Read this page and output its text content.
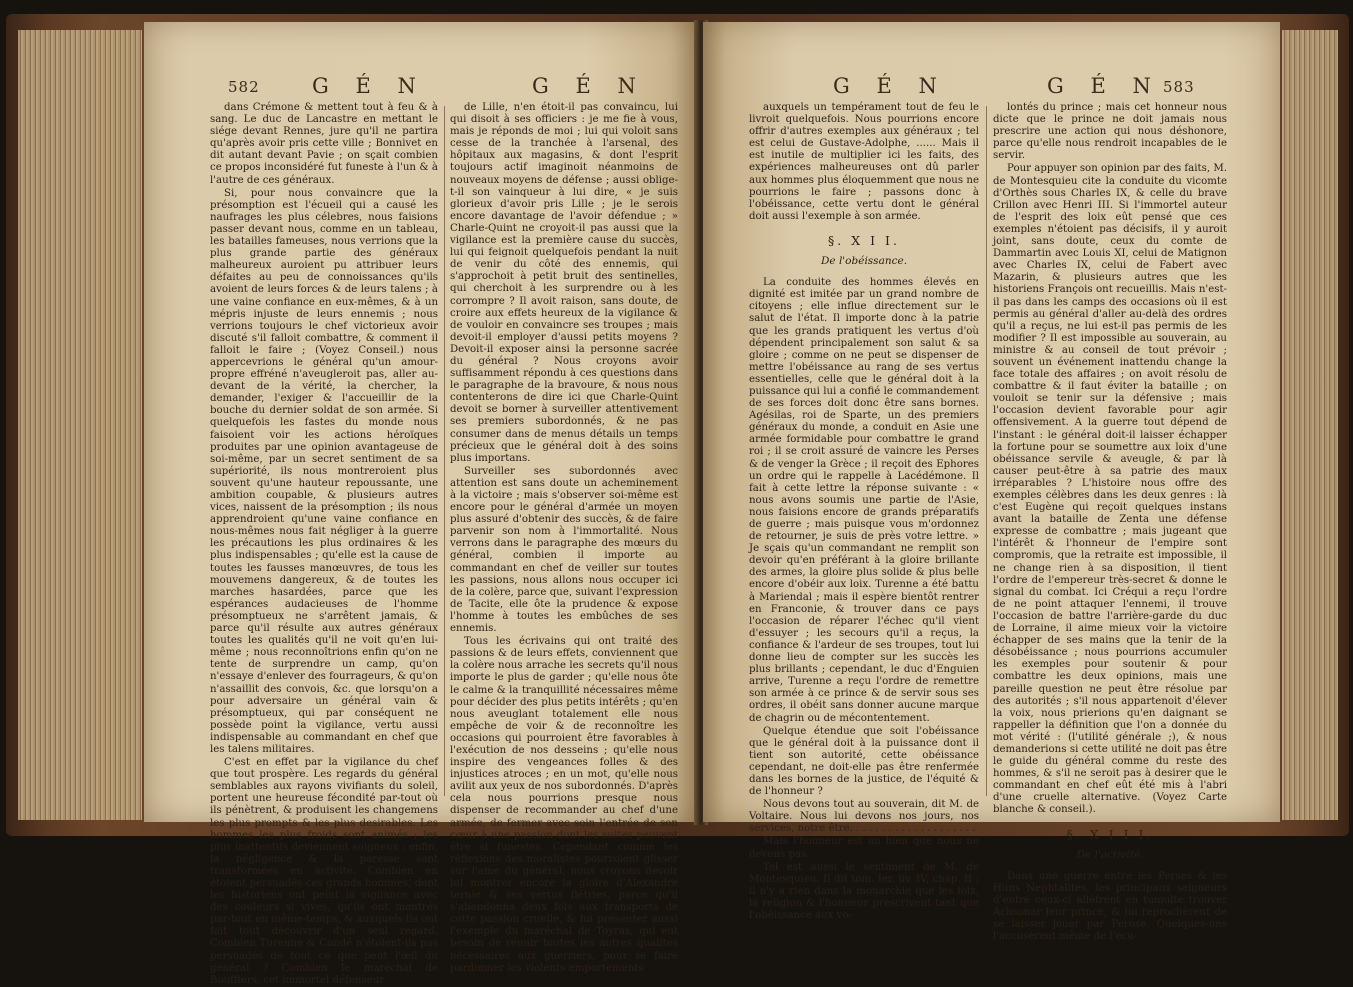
582 G É N	G É N

dans Crémone & mettent tout à feu & à sang. Le duc de Lancastre en mettant le siége devant Rennes, jure qu'il ne partira qu'après avoir pris cette ville ; Bonnivet en dit autant devant Pavie ; on sçait combien ce propos inconsidéré fut funeste à l'un & à l'autre de ces généraux.

Si, pour nous convaincre que la présomption est l'écueil qui a causé les naufrages les plus célebres, nous faisions passer devant nous, comme en un tableau, les batailles fameuses, nous verrions que la plus grande partie des généraux malheureux auroient pu attribuer leurs défaites au peu de connoissances qu'ils avoient de leurs forces & de leurs talens ; à une vaine confiance en eux-mêmes, & à un mépris injuste de leurs ennemis ; nous verrions toujours le chef victorieux avoir discuté s'il falloit combattre, & comment il falloit le faire ; (Voyez Conseil.) nous appercevrions le général qu'un amour-propre effréné n'aveugleroit pas, aller au-devant de la vérité, la chercher, la demander, l'exiger & l'accueillir de la bouche du dernier soldat de son armée. Si quelquefois les fastes du monde nous faisoient voir les actions héroïques produites par une opinion avantageuse de soi-même, par un secret sentiment de sa supériorité, ils nous montreroient plus souvent qu'une hauteur repoussante, une ambition coupable, & plusieurs autres vices, naissent de la présomption ; ils nous apprendroient qu'une vaine confiance en nous-mêmes nous fait négliger à la guerre les précautions les plus ordinaires & les plus indispensables ; qu'elle est la cause de toutes les fausses manœuvres, de tous les mouvemens dangereux, & de toutes les marches hasardées, parce que les espérances audacieuses de l'homme présomptueux ne s'arrêtent jamais, & parce qu'il résulte aux autres généraux toutes les qualités qu'il ne voit qu'en lui-même ; nous reconnoîtrions enfin qu'on ne tente de surprendre un camp, qu'on n'essaye d'enlever des fourrageurs, & qu'on n'assaillit des convois, &c. que lorsqu'on a pour adversaire un général vain & présomptueux, qui par conséquent ne possède point la vigilance, vertu aussi indispensable au commandant en chef que les talens militaires.

C'est en effet par la vigilance du chef que tout prospère. Les regards du général semblables aux rayons vivifiants du soleil, portent une heureuse fécondité par-tout où ils pénètrent, & produisent les changemens les plus prompts & les plus desirables. Les hommes les plus froids sont animés ; les plus inattentifs deviennent soigneux ; enfin, la négligence & la paresse sont transformées en activité. Combien en étoient persuadés ces grands hommes, dont les historiens ont peint la vigilance avec des couleurs si vives, qu'ils ont montrés par-tout en même-temps, & auxquels ils ont fait tout découvrir d'un seul regard. Combien Turenne & Condé n'étoient-ils pas persuadés de tout ce que peut l'œil du général ? Combien le maréchal de Boufflers, cet immortel défenseur

de Lille, n'en étoit-il pas convaincu, lui qui disoit à ses officiers : je me fie à vous, mais je réponds de moi ; lui qui voloit sans cesse de la tranchée à l'arsenal, des hôpitaux aux magasins, & dont l'esprit toujours actif imaginoit néanmoins de nouveaux moyens de défense ; aussi oblige-t-il son vainqueur à lui dire, « je suis glorieux d'avoir pris Lille ; je le serois encore davantage de l'avoir défendue ; » Charle-Quint ne croyoit-il pas aussi que la vigilance est la première cause du succès, lui qui feignoit quelquefois pendant la nuit de venir du côté des ennemis, qui s'approchoit à petit bruit des sentinelles, qui cherchoit à les surprendre ou à les corrompre ? Il avoit raison, sans doute, de croire aux effets heureux de la vigilance & de vouloir en convaincre ses troupes ; mais devoit-il employer d'aussi petits moyens ? Devoit-il exposer ainsi la personne sacrée du général ? Nous croyons avoir suffisamment répondu à ces questions dans le paragraphe de la bravoure, & nous nous contenterons de dire ici que Charle-Quint devoit se borner à surveiller attentivement ses premiers subordonnés, & ne pas consumer dans de menus détails un temps précieux que le général doit à des soins plus importans.

Surveiller ses subordonnés avec attention est sans doute un acheminement à la victoire ; mais s'observer soi-même est encore pour le général d'armée un moyen plus assuré d'obtenir des succès, & de faire parvenir son nom à l'immortalité. Nous verrons dans le paragraphe des mœurs du général, combien il importe au commandant en chef de veiller sur toutes les passions, nous allons nous occuper ici de la colère, parce que, suivant l'expression de Tacite, elle ôte la prudence & expose l'homme à toutes les embûches de ses ennemis.

Tous les écrivains qui ont traité des passions & de leurs effets, conviennent que la colère nous arrache les secrets qu'il nous importe le plus de garder ; qu'elle nous ôte le calme & la tranquillité nécessaires même pour décider des plus petits intérêts ; qu'en nous aveuglant totalement elle nous empêche de voir & de reconnoître les occasions qui pourroient être favorables à l'exécution de nos desseins ; qu'elle nous inspire des vengeances folles & des injustices atroces ; en un mot, qu'elle nous avilit aux yeux de nos subordonnés. D'après cela nous pourrions presque nous dispenser de recommander au chef d'une armée, de fermer avec soin l'entrée de son cœur à une passion dont les suites peuvent être si funestes. Cependant comme les réflexions des moralistes pourroient glisser sur l'ame du général, nous croyons devoir lui montrer encore la gloire d'Alexandre ternie & ses vertus flétries, parce qu'il s'abandonna deux fois aux transports de cette passion cruelle, & lui présenter aussi l'exemple du maréchal de Toyras, qui eut besoin de réunir toutes les autres qualités nécessaires aux guerriers, pour se faire pardonner les violents emportements

G É N	G É N 583

auxquels un tempérament tout de feu le livroit quelquefois. Nous pourrions encore offrir d'autres exemples aux généraux ; tel est celui de Gustave-Adolphe, ...... Mais il est inutile de multiplier ici les faits, des expériences malheureuses ont dû parler aux hommes plus éloquemment que nous ne pourrions le faire ; passons donc à l'obéissance, cette vertu dont le général doit aussi l'exemple à son armée.

§. X I I.

De l'obéissance.

La conduite des hommes élevés en dignité est imitée par un grand nombre de citoyens ; elle influe directement sur le salut de l'état. Il importe donc à la patrie que les grands pratiquent les vertus d'où dépendent principalement son salut & sa gloire ; comme on ne peut se dispenser de mettre l'obéissance au rang de ses vertus essentielles, celle que le général doit à la puissance qui lui a confié le commandement de ses forces doit donc être sans bornes. Agésilas, roi de Sparte, un des premiers généraux du monde, a conduit en Asie une armée formidable pour combattre le grand roi ; il se croit assuré de vaincre les Perses & de venger la Grèce ; il reçoit des Ephores un ordre qui le rappelle à Lacédémone. Il fait à cette lettre la réponse suivante : « nous avons soumis une partie de l'Asie, nous faisions encore de grands préparatifs de guerre ; mais puisque vous m'ordonnez de retourner, je suis de près votre lettre. » Je sçais qu'un commandant ne remplit son devoir qu'en préférant à la gloire brillante des armes, la gloire plus solide & plus belle encore d'obéir aux loix. Turenne a été battu à Mariendal ; mais il espère bientôt rentrer en Franconie, & trouver dans ce pays l'occasion de réparer l'échec qu'il vient d'essuyer ; les secours qu'il a reçus, la confiance & l'ardeur de ses troupes, tout lui donne lieu de compter sur les succès les plus brillants ; cependant, le duc d'Enguien arrive, Turenne a reçu l'ordre de remettre son armée à ce prince & de servir sous ses ordres, il obéit sans donner aucune marque de chagrin ou de mécontentement.

Quelque étendue que soit l'obéissance que le général doit à la puissance dont il tient son autorité, cette obéissance cependant, ne doit-elle pas être renfermée dans les bornes de la justice, de l'équité & de l'honneur ?

Nous devons tout au souverain, dit M. de Voltaire. Nous lui devons nos jours, nos services, notre être. . . . . . . . . . . . . . . . . . . .

Mais l'honneur est un bien que nous ne devons pas.

Tel est aussi le sentiment de M. de Montesquieu. Il dit tom. Ier, liv. IV, chap. II ; il n'y a rien dans la monarchie que les loix, la religion & l'honneur prescrivent tant que l'obéissance aux vo-

lontés du prince ; mais cet honneur nous dicte que le prince ne doit jamais nous prescrire une action qui nous déshonore, parce qu'elle nous rendroit incapables de le servir.

Pour appuyer son opinion par des faits, M. de Montesquieu cite la conduite du vicomte d'Orthès sous Charles IX, & celle du brave Crillon avec Henri III. Si l'immortel auteur de l'esprit des loix eût pensé que ces exemples n'étoient pas décisifs, il y auroit joint, sans doute, ceux du comte de Dammartin avec Louis XI, celui de Matignon avec Charles IX, celui de Fabert avec Mazarin, & plusieurs autres que les historiens François ont recueillis. Mais n'est-il pas dans les camps des occasions où il est permis au général d'aller au-delà des ordres qu'il a reçus, ne lui est-il pas permis de les modifier ? Il est impossible au souverain, au ministre & au conseil de tout prévoir ; souvent un événement inattendu change la face totale des affaires ; on avoit résolu de combattre & il faut éviter la bataille ; on vouloit se tenir sur la défensive ; mais l'occasion devient favorable pour agir offensivement. A la guerre tout dépend de l'instant : le général doit-il laisser échapper la fortune pour se soumettre aux loix d'une obéissance servile & aveugle, & par là causer peut-être à sa patrie des maux irréparables ? L'histoire nous offre des exemples célèbres dans les deux genres : là c'est Eugène qui reçoit quelques instans avant la bataille de Zenta une défense expresse de combattre ; mais jugeant que l'intérêt & l'honneur de l'empire sont compromis, que la retraite est impossible, il ne change rien à sa disposition, il tient l'ordre de l'empereur très-secret & donne le signal du combat. Ici Créqui a reçu l'ordre de ne point attaquer l'ennemi, il trouve l'occasion de battre l'arrière-garde du duc de Lorraine, il aime mieux voir la victoire échapper de ses mains que la tenir de la désobéissance ; nous pourrions accumuler les exemples pour soutenir & pour combattre les deux opinions, mais une pareille question ne peut être résolue par des autorités ; s'il nous appartenoit d'élever la voix, nous prierions qu'en daignant se rappeller la définition que l'on a donnée du mot vérité : (l'utilité générale ;), & nous demanderions si cette utilité ne doit pas être le guide du général comme du reste des hommes, & s'il ne seroit pas à desirer que le commandant en chef eût été mis à l'abri d'une cruelle alternative. (Voyez Carte blanche & conseil.).

§. X I I I.

De l'activité.

Dans une guerre entre les Perses & les Huns Nephtalites, les principaux seigneurs d'entre ceux-ci alléfrent en tumulte trouver Achsonar leur prince, & lui reprochèrent de se laisser jouer par Perose. Quelques-uns l'accusèrent même de l'ecu-
